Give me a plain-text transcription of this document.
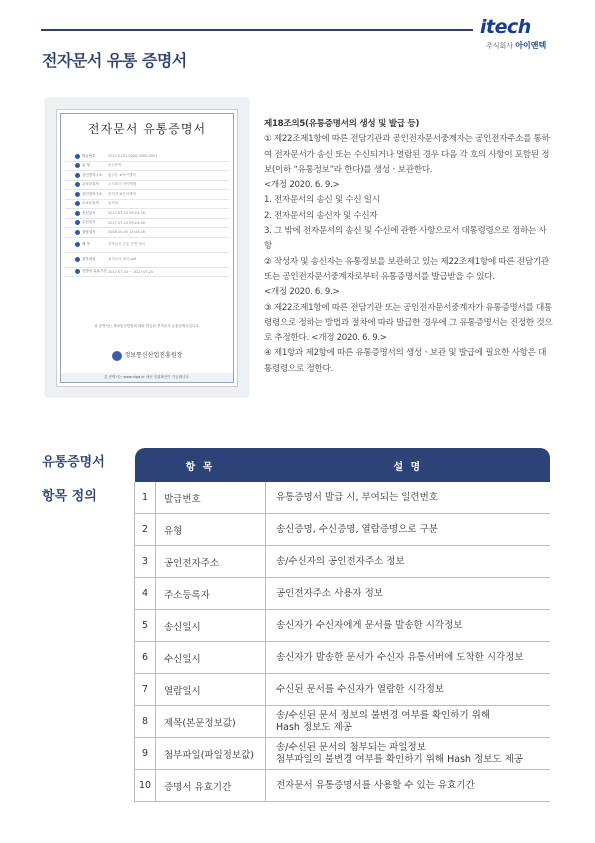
전자문서 유통 증명서
itech
주식회사 아이앤텍
전자문서 유통증명서
발급번호	2017-0101-0000-0000-0001
유 형	송신증명
공인전자주소	홍길동 #아이앤텍
주소등록자	주식회사 아이앤텍
공인전자주소	임꺽정 #아이앤텍
주소등록자	임꺽정
송신일시	2017.07.20 09:24:28
수신일시	2017.07.20 09:24:28
열람일시	2018.10.05 13:45:28
제 목	전자문서 유통 증명 예시
첨부파일	첨부문서 예시.pdf
증명서 유효기간 2017.07.20 ~ 2027.07.20
위 증명서는 정보통신망법에 따라 발급된 전자문서 유통증명서입니다.
정보통신산업진흥원장
본 증명서는 www.nipa.kr 에서 진위확인이 가능합니다.

제18조의5(유통증명서의 생성 및 발급 등)

① 제22조제1항에 따른 전담기관과 공인전자문서중계자는 공인전자주소를 통하여 전자문서가 송신 또는 수신되거나 열람된 경우 다음 각 호의 사항이 포함된 정보(이하 “유통정보”라 한다)를 생성ㆍ보관한다.

<개정 2020. 6. 9.>

1. 전자문서의 송신 및 수신 일시

2. 전자문서의 송신자 및 수신자

3. 그 밖에 전자문서의 송신 및 수신에 관한 사항으로서 대통령령으로 정하는 사항

② 작성자 및 송신자는 유통정보를 보관하고 있는 제22조제1항에 따른 전담기관 또는 공인전자문서중계자로부터 유통증명서를 발급받을 수 있다.

<개정 2020. 6. 9.>

③ 제22조제1항에 따른 전담기관 또는 공인전자문서중계자가 유통증명서를 대통령령으로 정하는 방법과 절차에 따라 발급한 경우에 그 유통증명서는 진정한 것으로 추정한다. <개정 2020. 6. 9.>

④ 제1항과 제2항에 따른 유통증명서의 생성ㆍ보관 및 발급에 필요한 사항은 대통령령으로 정한다.

유통증명서
항목 정의
항 목		설 명
1	발급번호	유통증명서 발급 시, 부여되는 일련번호
2	유형	송신증명, 수신증명, 열람증명으로 구분
3	공인전자주소	송/수신자의 공인전자주소 정보
4	주소등록자	공인전자주소 사용자 정보
5	송신일시	송신자가 수신자에게 문서를 발송한 시각정보
6	수신일시	송신자가 발송한 문서가 수신자 유통서버에 도착한 시각정보
7	열람일시	수신된 문서를 수신자가 열람한 시각정보
8	제목(본문정보값)	송/수신된 문서 정보의 불변경 여부를 확인하기 위해
Hash 정보도 제공

9	첨부파일(파일정보값)	송/수신된 문서의 첨부되는 파일정보
첨부파일의 불변경 여부를 확인하기 위해 Hash 정보도 제공

10	증명서 유효기간	전자문서 유통증명서를 사용할 수 있는 유효기간
